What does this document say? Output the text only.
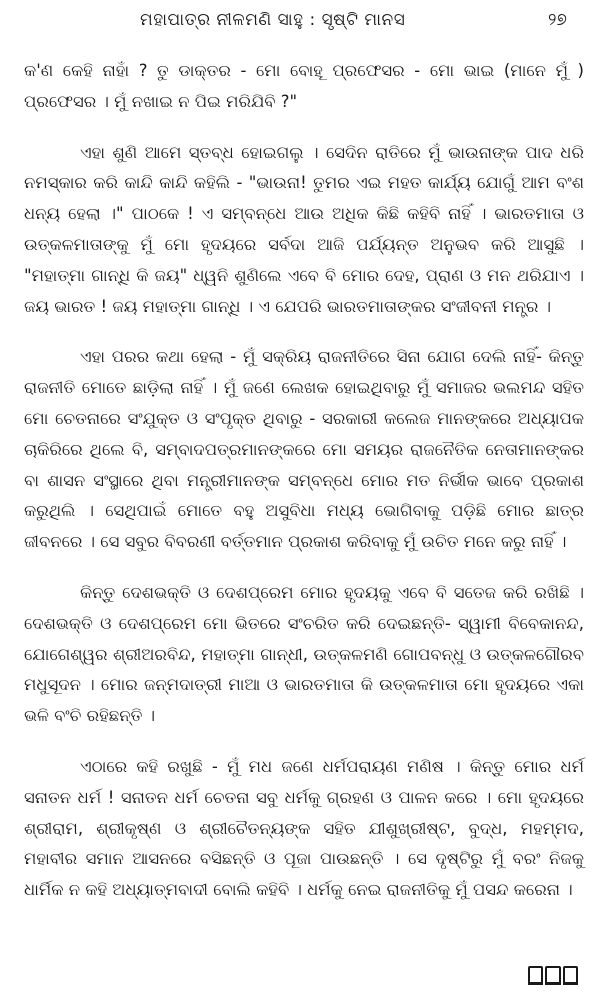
ମହାପାତ୍ର ନୀଳମଣି ସାହୁ : ସୃଷ୍ଟି ମାନସ	୨୭

କ'ଣ କେହି ନାହାଁ ? ତୁ ଡାକ୍ତର - ମୋ ବୋହୂ ପ୍ରଫେସର - ମୋ ଭାଇ (ମାନେ ମୁଁ ) ପ୍ରଫେସର । ମୁଁ ନଖାଇ ନ ପିଇ ମରିଯିବି ?"

ଏହା ଶୁଣି ଆମେ ସ୍ତବ୍ଧ ହୋଇଗଲୁ । ସେଦିନ ରାତିରେ ମୁଁ ଭାଉନାଙ୍କ ପାଦ ଧରି ନମସ୍କାର କରି କାନ୍ଦି କାନ୍ଦି କହିଲି - "ଭାଉନା! ତୁମର ଏଇ ମହତ କାର୍ଯ୍ୟ ଯୋଗୁଁ ଆମ ବଂଶ ଧନ୍ୟ ହେଲା ।" ପାଠକେ ! ଏ ସମ୍ବନ୍ଧେ ଆଉ ଅଧିକ କିଛି କହିବି ନାହିଁ । ଭାରତମାତା ଓ ଉତ୍କଳମାତାଙ୍କୁ ମୁଁ ମୋ ହୃଦୟରେ ସର୍ବଦା ଆଜି ପର୍ଯ୍ୟନ୍ତ ଅନୁଭବ କରି ଆସୁଛି । "ମହାତ୍ମା ଗାନ୍ଧି କି ଜୟ" ଧ୍ୱନି ଶୁଣିଲେ ଏବେ ବି ମୋର ଦେହ, ପ୍ରାଣ ଓ ମନ ଥରିଯାଏ । ଜୟ ଭାରତ ! ଜୟ ମହାତ୍ମା ଗାନ୍ଧି । ଏ ଯେପରି ଭାରତମାତାଙ୍କର ସଂଜୀବନୀ ମନ୍ତ୍ର ।

ଏହା ପରର କଥା ହେଲା - ମୁଁ ସକ୍ରିୟ ରାଜନୀତିରେ ସିନା ଯୋଗ ଦେଲି ନାହିଁ- କିନ୍ତୁ ରାଜନୀତି ମୋତେ ଛାଡ଼ିଲା ନାହିଁ । ମୁଁ ଜଣେ ଲେଖକ ହୋଇଥିବାରୁ ମୁଁ ସମାଜର ଭଲମନ୍ଦ ସହିତ ମୋ ଚେତନାରେ ସଂଯୁକ୍ତ ଓ ସଂପୃକ୍ତ ଥିବାରୁ - ସରକାରୀ କଲେଜ ମାନଙ୍କରେ ଅଧ୍ୟାପକ ଚାକିରିରେ ଥିଲେ ବି, ସମ୍ବାଦପତ୍ରମାନଙ୍କରେ ମୋ ସମୟର ରାଜନୈତିକ ନେତାମାନଙ୍କର ବା ଶାସନ ସଂସ୍ଥାରେ ଥିବା ମନ୍ତ୍ରୀମାନଙ୍କ ସମ୍ବନ୍ଧେ ମୋର ମତ ନିର୍ଭୀକ ଭାବେ ପ୍ରକାଶ କରୁଥିଲି । ସେଥିପାଇଁ ମୋତେ ବହୁ ଅସୁବିଧା ମଧ୍ୟ ଭୋଗିବାକୁ ପଡ଼ିଛି ମୋର ଛାତ୍ର ଜୀବନରେ । ସେ ସବୁର ବିବରଣୀ ବର୍ତ୍ତମାନ ପ୍ରକାଶ କରିବାକୁ ମୁଁ ଉଚିତ ମନେ କରୁ ନାହିଁ ।

କିନ୍ତୁ ଦେଶଭକ୍ତି ଓ ଦେଶପ୍ରେମ ମୋର ହୃଦୟକୁ ଏବେ ବି ସତେଜ କରି ରଖିଛି । ଦେଶଭକ୍ତି ଓ ଦେଶପ୍ରେମ ମୋ ଭିତରେ ସଂଚରିତ କରି ଦେଇଛନ୍ତି- ସ୍ୱାମୀ ବିବେକାନନ୍ଦ, ଯୋଗେଶ୍ୱର ଶ୍ରୀଅରବିନ୍ଦ, ମହାତ୍ମା ଗାନ୍ଧୀ, ଉତ୍କଳମଣି ଗୋପବନ୍ଧୁ ଓ ଉତ୍କଳଗୌରବ ମଧୁସୂଦନ । ମୋର ଜନ୍ମଦାତ୍ରୀ ମାଆ ଓ ଭାରତମାତା କି ଉତ୍କଳମାତା ମୋ ହୃଦୟରେ ଏକା ଭଳି ବଂଚି ରହିଛନ୍ତି ।

ଏଠାରେ କହି ରଖୁଛି - ମୁଁ ମଧ ଜଣେ ଧର୍ମପରାୟଣ ମଣିଷ । କିନ୍ତୁ ମୋର ଧର୍ମ ସନାତନ ଧର୍ମ ! ସନାତନ ଧର୍ମ ଚେତନା ସବୁ ଧର୍ମକୁ ଗ୍ରହଣ ଓ ପାଳନ କରେ । ମୋ ହୃଦୟରେ ଶ୍ରୀରାମ, ଶ୍ରୀକୃଷ୍ଣ ଓ ଶ୍ରୀଚୈତନ୍ୟଙ୍କ ସହିତ ଯୀଶୁଖ୍ରୀଷ୍ଟ, ବୁଦ୍ଧ, ମହମ୍ମଦ, ମହାବୀର ସମାନ ଆସନରେ ବସିଛନ୍ତି ଓ ପୂଜା ପାଉଛନ୍ତି । ସେ ଦୃଷ୍ଟିରୁ ମୁଁ ବରଂ ନିଜକୁ ଧାର୍ମିକ ନ କହି ଅଧ୍ୟାତ୍ମବାଦୀ ବୋଲି କହିବି । ଧର୍ମକୁ ନେଇ ରାଜନୀତିକୁ ମୁଁ ପସନ୍ଦ କରେନା ।
